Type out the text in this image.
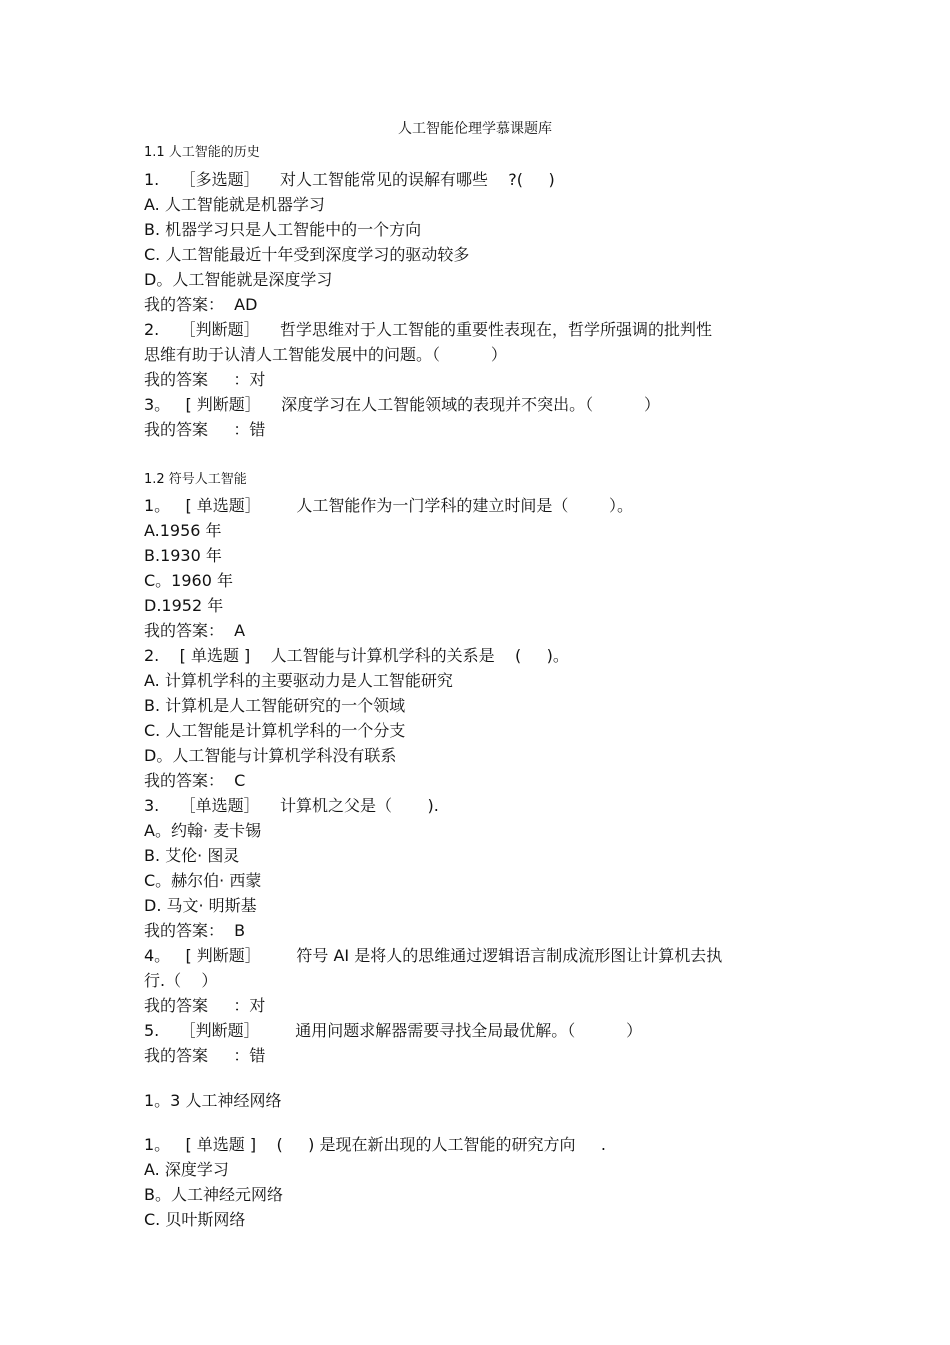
人工智能伦理学慕课题库
1.1 人工智能的历史
1.    ［多选题］    对人工智能常见的误解有哪些    ?(     )
A. 人工智能就是机器学习
B. 机器学习只是人工智能中的一个方向
C. 人工智能最近十年受到深度学习的驱动较多
D。人工智能就是深度学习
我的答案：  AD
2.    ［判断题］    哲学思维对于人工智能的重要性表现在，哲学所强调的批判性
思维有助于认清人工智能发展中的问题。（          ）
我的答案     ：对
3。   [ 判断题］    深度学习在人工智能领域的表现并不突出。（          ）
我的答案     ：错
1.2 符号人工智能
1。   [ 单选题］       人工智能作为一门学科的建立时间是（        ）。
A.1956 年
B.1930 年
C。1960 年
D.1952 年
我的答案：  A
2.    [ 单选题 ]    人工智能与计算机学科的关系是    (     )。
A. 计算机学科的主要驱动力是人工智能研究
B. 计算机是人工智能研究的一个领域
C. 人工智能是计算机学科的一个分支
D。人工智能与计算机学科没有联系
我的答案：  C
3.    ［单选题］    计算机之父是（       ).
A。约翰· 麦卡锡
B. 艾伦· 图灵
C。赫尔伯· 西蒙
D. 马文· 明斯基
我的答案：  B
4。   [ 判断题］       符号 AI 是将人的思维通过逻辑语言制成流形图让计算机去执
行.（    ）
我的答案     ：对
5.    ［判断题］       通用问题求解器需要寻找全局最优解。（          ）
我的答案     ：错
1。3 人工神经网络
1。   [ 单选题 ]    (     ) 是现在新出现的人工智能的研究方向     .
A. 深度学习
B。人工神经元网络
C. 贝叶斯网络
